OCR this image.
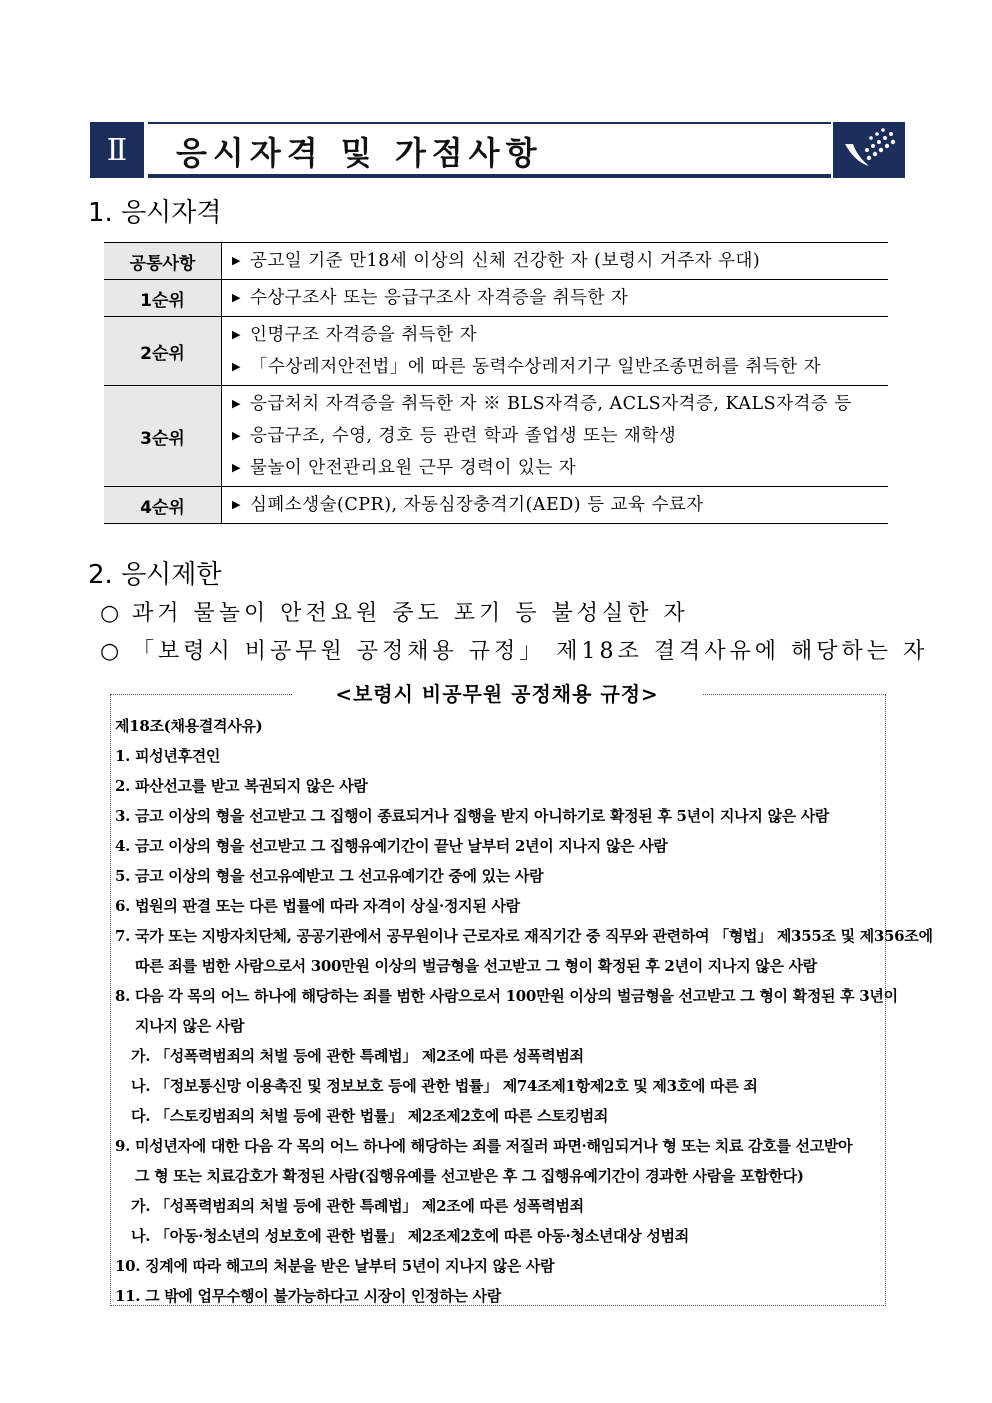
Ⅱ	응시자격 및 가점사항
1. 응시자격
공통사항	▶ 공고일 기준 만18세 이상의 신체 건강한 자 (보령시 거주자 우대)

1순위	▶ 수상구조사 또는 응급구조사 자격증을 취득한 자

2순위	▶ 인명구조 자격증을 취득한 자
▶ 「수상레저안전법」에 따른 동력수상레저기구 일반조종면허를 취득한 자

3순위	▶ 응급처치 자격증을 취득한 자 ※ BLS자격증, ACLS자격증, KALS자격증 등
▶ 응급구조, 수영, 경호 등 관련 학과 졸업생 또는 재학생
▶ 물놀이 안전관리요원 근무 경력이 있는 자

4순위	▶ 심폐소생술(CPR), 자동심장충격기(AED) 등 교육 수료자
2. 응시제한
○ 과거 물놀이 안전요원 중도 포기 등 불성실한 자
○ 「보령시 비공무원 공정채용 규정」 제18조 결격사유에 해당하는 자
<보령시 비공무원 공정채용 규정>
제18조(채용결격사유)
1. 피성년후견인
2. 파산선고를 받고 복권되지 않은 사람
3. 금고 이상의 형을 선고받고 그 집행이 종료되거나 집행을 받지 아니하기로 확정된 후 5년이 지나지 않은 사람
4. 금고 이상의 형을 선고받고 그 집행유예기간이 끝난 날부터 2년이 지나지 않은 사람
5. 금고 이상의 형을 선고유예받고 그 선고유예기간 중에 있는 사람
6. 법원의 판결 또는 다른 법률에 따라 자격이 상실·정지된 사람
7. 국가 또는 지방자치단체, 공공기관에서 공무원이나 근로자로 재직기간 중 직무와 관련하여 「형법」 제355조 및 제356조에
따른 죄를 범한 사람으로서 300만원 이상의 벌금형을 선고받고 그 형이 확정된 후 2년이 지나지 않은 사람
8. 다음 각 목의 어느 하나에 해당하는 죄를 범한 사람으로서 100만원 이상의 벌금형을 선고받고 그 형이 확정된 후 3년이
지나지 않은 사람
가. 「성폭력범죄의 처벌 등에 관한 특례법」 제2조에 따른 성폭력범죄
나. 「정보통신망 이용촉진 및 정보보호 등에 관한 법률」 제74조제1항제2호 및 제3호에 따른 죄
다. 「스토킹범죄의 처벌 등에 관한 법률」 제2조제2호에 따른 스토킹범죄
9. 미성년자에 대한 다음 각 목의 어느 하나에 해당하는 죄를 저질러 파면·해임되거나 형 또는 치료 감호를 선고받아
그 형 또는 치료감호가 확정된 사람(집행유예를 선고받은 후 그 집행유예기간이 경과한 사람을 포함한다)
가. 「성폭력범죄의 처벌 등에 관한 특례법」 제2조에 따른 성폭력범죄
나. 「아동·청소년의 성보호에 관한 법률」 제2조제2호에 따른 아동·청소년대상 성범죄
10. 징계에 따라 해고의 처분을 받은 날부터 5년이 지나지 않은 사람
11. 그 밖에 업무수행이 불가능하다고 시장이 인정하는 사람
